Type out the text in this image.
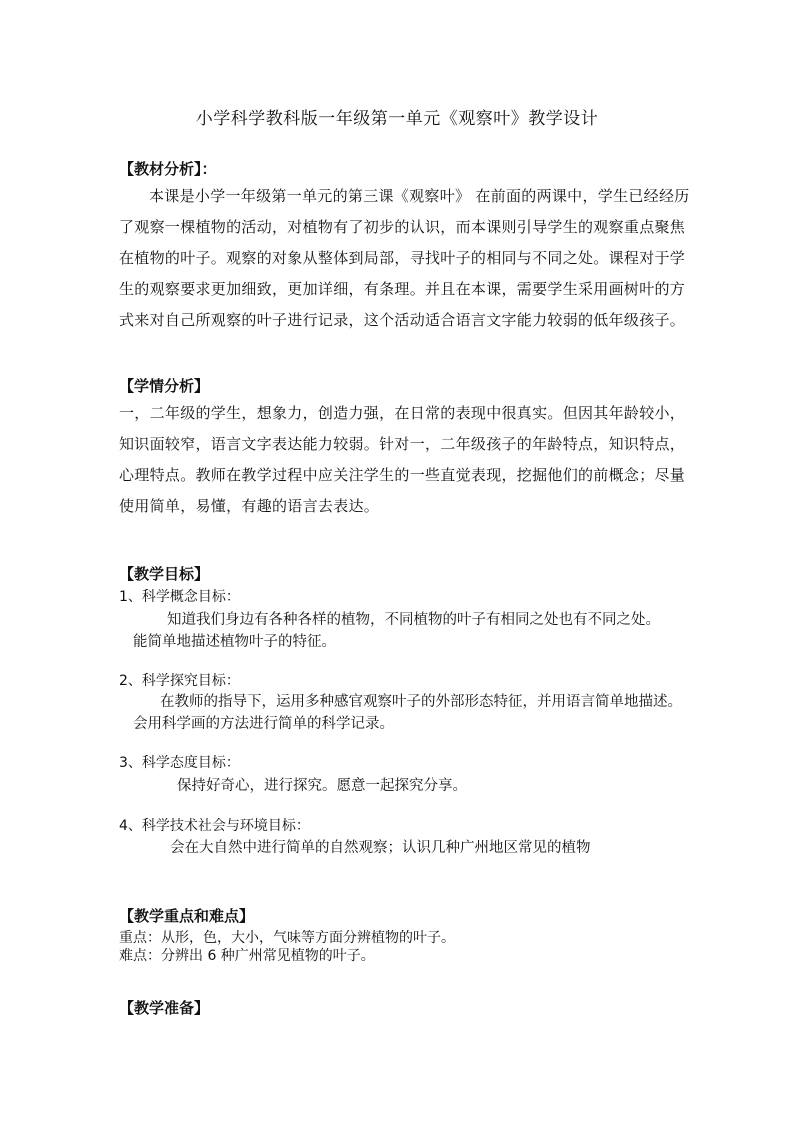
小学科学教科版一年级第一单元《观察叶》教学设计
【教材分析】：
本课是小学一年级第一单元的第三课《观察叶》 在前面的两课中，学生已经经历
了观察一棵植物的活动，对植物有了初步的认识，而本课则引导学生的观察重点聚焦
在植物的叶子。观察的对象从整体到局部，寻找叶子的相同与不同之处。课程对于学
生的观察要求更加细致，更加详细，有条理。并且在本课，需要学生采用画树叶的方
式来对自己所观察的叶子进行记录，这个活动适合语言文字能力较弱的低年级孩子。
【学情分析】
一，二年级的学生，想象力，创造力强，在日常的表现中很真实。但因其年龄较小，
知识面较窄，语言文字表达能力较弱。针对一，二年级孩子的年龄特点，知识特点，
心理特点。教师在教学过程中应关注学生的一些直觉表现，挖掘他们的前概念；尽量
使用简单，易懂，有趣的语言去表达。
【教学目标】
1、科学概念目标：
知道我们身边有各种各样的植物，不同植物的叶子有相同之处也有不同之处。
能简单地描述植物叶子的特征。
2、科学探究目标：
在教师的指导下，运用多种感官观察叶子的外部形态特征，并用语言简单地描述。
会用科学画的方法进行简单的科学记录。
3、科学态度目标：
保持好奇心，进行探究。愿意一起探究分享。
4、科学技术社会与环境目标：
会在大自然中进行简单的自然观察；认识几种广州地区常见的植物
【教学重点和难点】
重点：从形，色，大小，气味等方面分辨植物的叶子。
难点：分辨出 6 种广州常见植物的叶子。
【教学准备】
